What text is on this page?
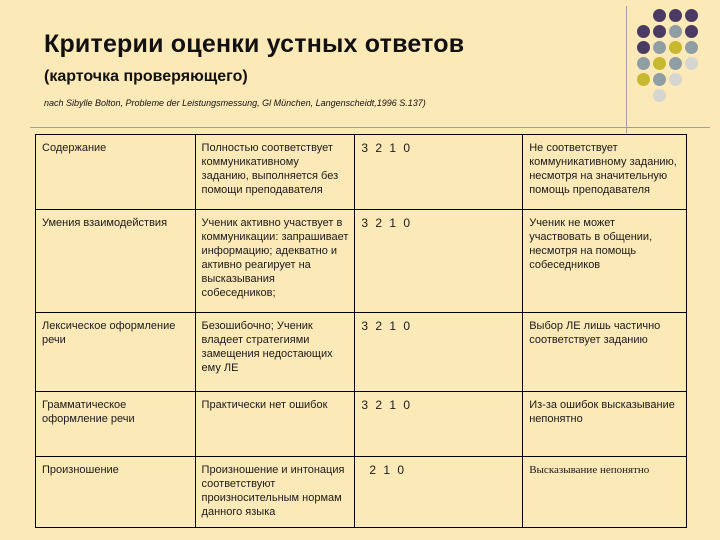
Критерии оценки устных ответов
(карточка проверяющего)
nach Sibylle Bolton, Probleme der Leistungsmessung, Gl München, Langenscheidt,1996 S.137)
Содержание	Полностью соответствует коммуникативному заданию, выполняется без помощи преподавателя	3 2 1 0	Не соответствует коммуникативному заданию, несмотря на значительную помощь преподавателя
Умения взаимодействия	Ученик активно участвует в коммуникации: запрашивает информацию; адекватно и активно реагирует на высказывания собеседников;	3 2 1 0	Ученик не может участвовать в общении, несмотря на помощь собеседников
Лексическое оформление речи	Безошибочно; Ученик владеет стратегиями замещения недостающих ему ЛЕ	3 2 1 0	Выбор ЛЕ лишь частично соответствует заданию
Грамматическое оформление речи	Практически нет ошибок	3 2 1 0	Из-за ошибок высказывание непонятно
Произношение	Произношение и интонация соответствуют произносительным нормам данного языка	2 1 0	Высказывание непонятно
